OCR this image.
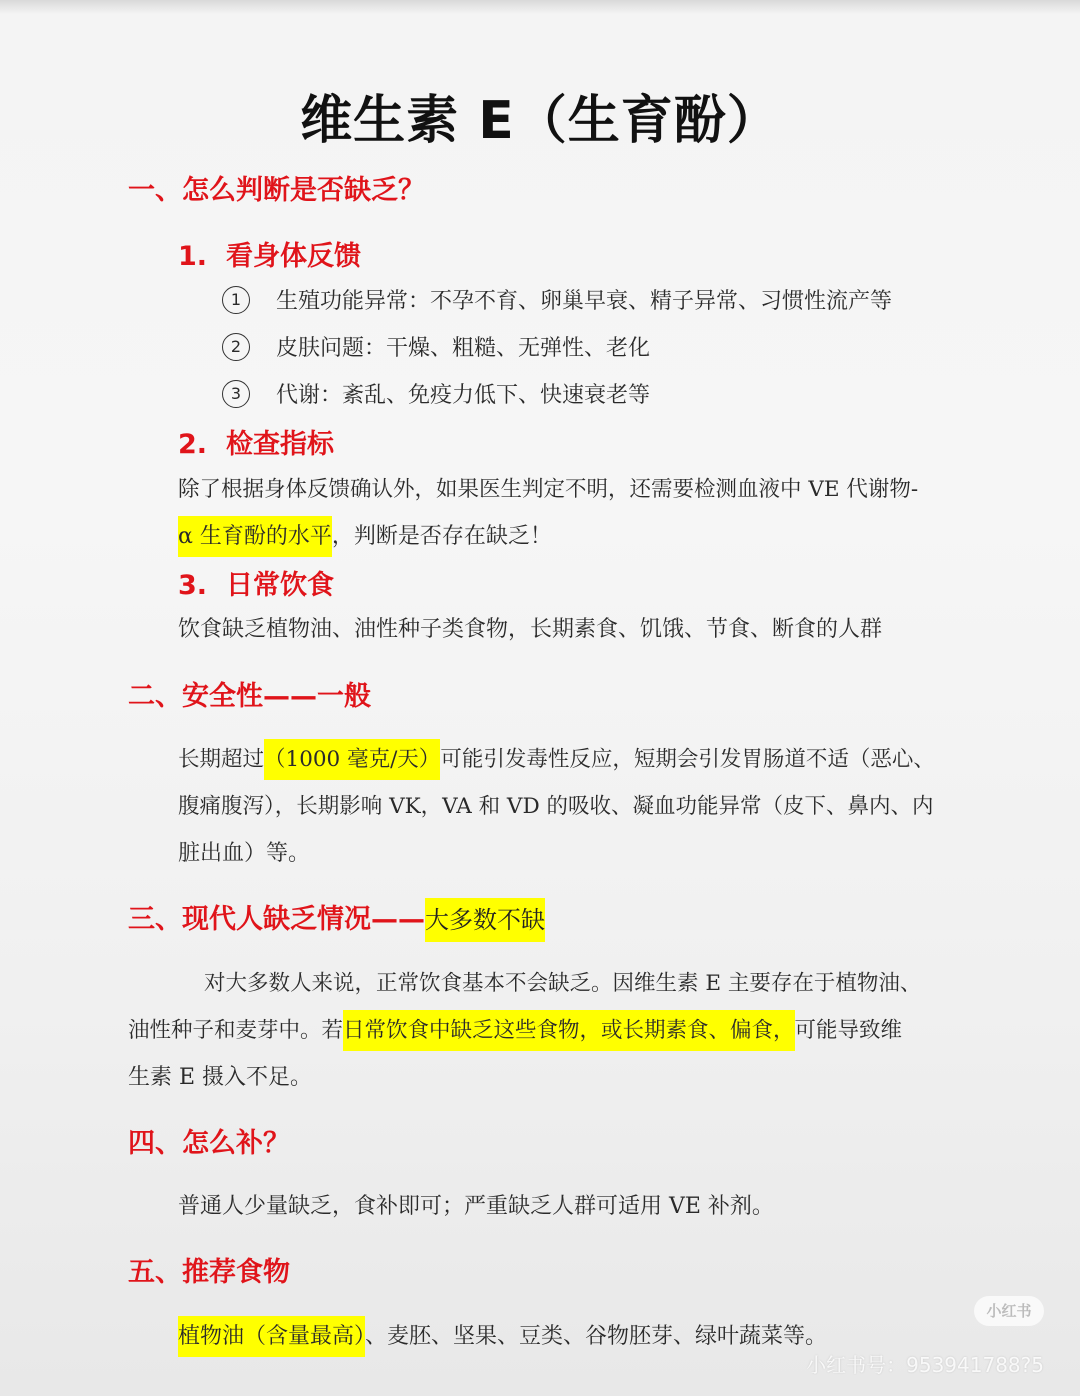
维生素 E（生育酚）
一、怎么判断是否缺乏？
1. 看身体反馈
1 生殖功能异常：不孕不育、卵巢早衰、精子异常、习惯性流产等
2 皮肤问题：干燥、粗糙、无弹性、老化
3 代谢：紊乱、免疫力低下、快速衰老等
2. 检查指标
除了根据身体反馈确认外，如果医生判定不明，还需要检测血液中 VE 代谢物-
α 生育酚的水平，判断是否存在缺乏！
3. 日常饮食
饮食缺乏植物油、油性种子类食物，长期素食、饥饿、节食、断食的人群
二、安全性——一般
长期超过（1000 毫克/天）可能引发毒性反应，短期会引发胃肠道不适（恶心、
腹痛腹泻），长期影响 VK，VA 和 VD 的吸收、凝血功能异常（皮下、鼻内、内
脏出血）等。
三、现代人缺乏情况——大多数不缺
对大多数人来说，正常饮食基本不会缺乏。因维生素 E 主要存在于植物油、
油性种子和麦芽中。若日常饮食中缺乏这些食物，或长期素食、偏食，可能导致维
生素 E 摄入不足。
四、怎么补？
普通人少量缺乏，食补即可；严重缺乏人群可适用 VE 补剂。
五、推荐食物
植物油（含量最高）、麦胚、坚果、豆类、谷物胚芽、绿叶蔬菜等。
小红书
小红书号：953941788?5
